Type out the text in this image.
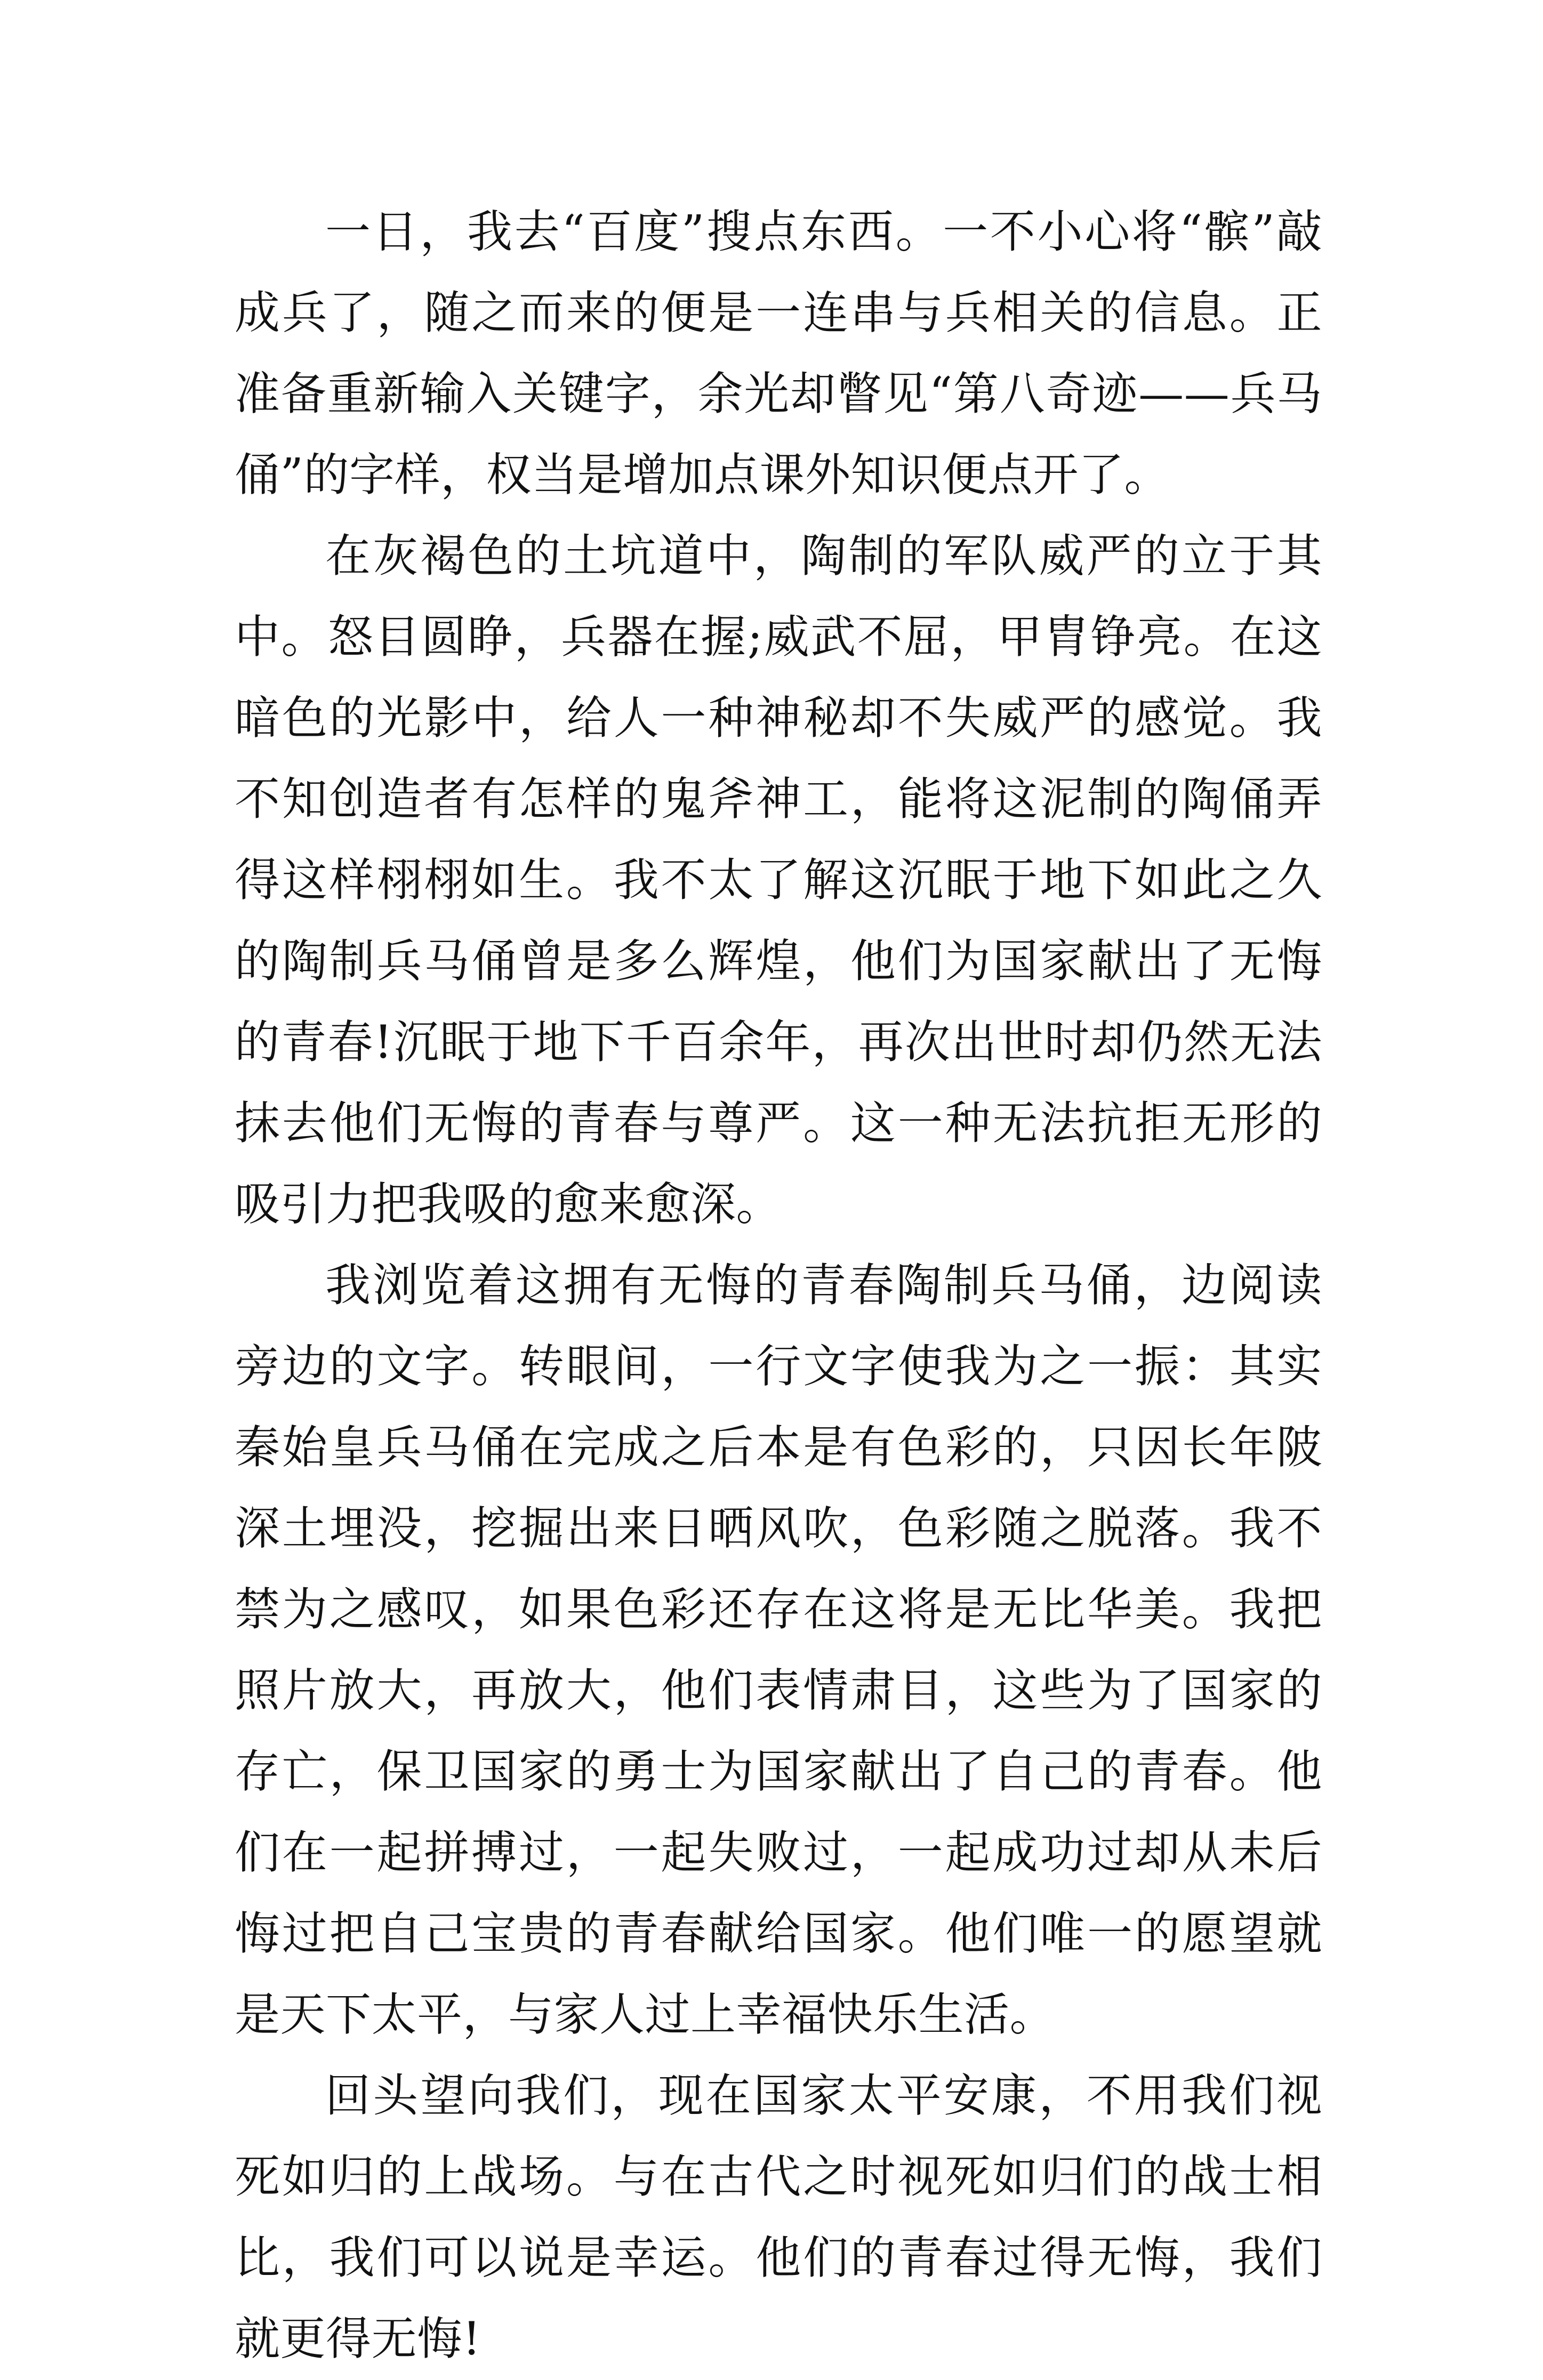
一日，我去“百度”搜点东西。一不小心将“髌”敲成兵了，随之而来的便是一连串与兵相关的信息。正准备重新输入关键字，余光却瞥见“第八奇迹——兵马俑”的字样，权当是增加点课外知识便点开了。

在灰褐色的土坑道中，陶制的军队威严的立于其中。怒目圆睁，兵器在握;威武不屈，甲胄铮亮。在这暗色的光影中，给人一种神秘却不失威严的感觉。我不知创造者有怎样的鬼斧神工，能将这泥制的陶俑弄得这样栩栩如生。我不太了解这沉眠于地下如此之久的陶制兵马俑曾是多么辉煌，他们为国家献出了无悔的青春!沉眠于地下千百余年，再次出世时却仍然无法抹去他们无悔的青春与尊严。这一种无法抗拒无形的吸引力把我吸的愈来愈深。

我浏览着这拥有无悔的青春陶制兵马俑，边阅读旁边的文字。转眼间，一行文字使我为之一振：其实秦始皇兵马俑在完成之后本是有色彩的，只因长年陂深土埋没，挖掘出来日晒风吹，色彩随之脱落。我不禁为之感叹，如果色彩还存在这将是无比华美。我把照片放大，再放大，他们表情肃目，这些为了国家的存亡，保卫国家的勇士为国家献出了自己的青春。他们在一起拼搏过，一起失败过，一起成功过却从未后悔过把自己宝贵的青春献给国家。他们唯一的愿望就是天下太平，与家人过上幸福快乐生活。

回头望向我们，现在国家太平安康，不用我们视死如归的上战场。与在古代之时视死如归们的战士相比，我们可以说是幸运。他们的青春过得无悔，我们就更得无悔!
